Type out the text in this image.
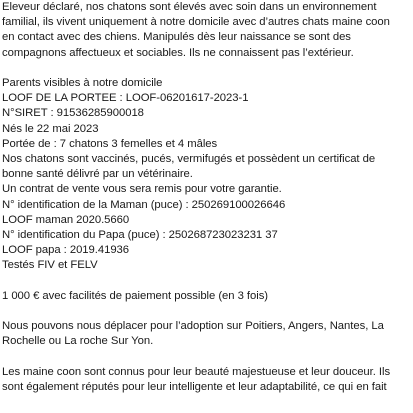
Eleveur déclaré, nos chatons sont élevés avec soin dans un environnement
familial, ils vivent uniquement à notre domicile avec d’autres chats maine coon
en contact avec des chiens. Manipulés dès leur naissance se sont des
compagnons affectueux et sociables. Ils ne connaissent pas l’extérieur.
Parents visibles à notre domicile
LOOF DE LA PORTEE : LOOF-06201617-2023-1
N°SIRET : 91536285900018
Nés le 22 mai 2023
Portée de : 7 chatons 3 femelles et 4 mâles
Nos chatons sont vaccinés, pucés, vermifugés et possèdent un certificat de
bonne santé délivré par un vétérinaire.
Un contrat de vente vous sera remis pour votre garantie.
N° identification de la Maman (puce) : 250269100026646
LOOF maman 2020.5660
N° identification du Papa (puce) : 250268723023231 37
LOOF papa : 2019.41936
Testés FIV et FELV
1 000 € avec facilités de paiement possible (en 3 fois)
Nous pouvons nous déplacer pour l’adoption sur Poitiers, Angers, Nantes, La
Rochelle ou La roche Sur Yon.
Les maine coon sont connus pour leur beauté majestueuse et leur douceur. Ils
sont également réputés pour leur intelligente et leur adaptabilité, ce qui en fait
